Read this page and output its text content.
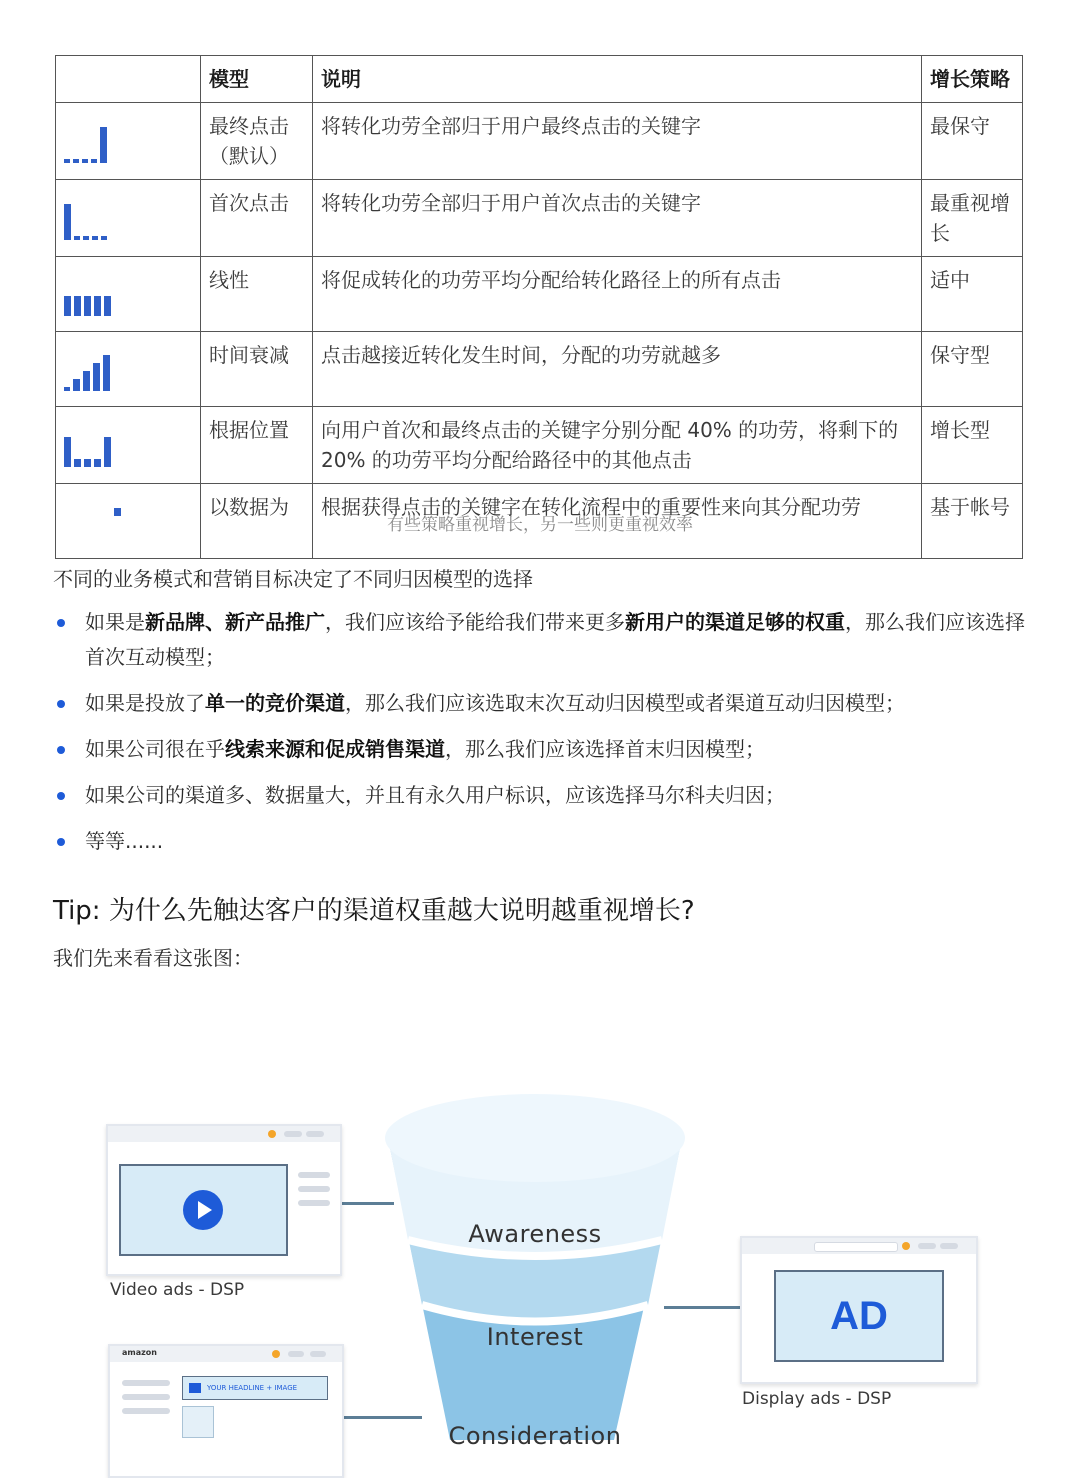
	模型	说明	增长策略

	最终点击（默认）	将转化功劳全部归于用户最终点击的关键字	最保守

	首次点击	将转化功劳全部归于用户首次点击的关键字	最重视增长

	线性	将促成转化的功劳平均分配给转化路径上的所有点击	适中

	时间衰减	点击越接近转化发生时间，分配的功劳就越多	保守型

	根据位置	向用户首次和最终点击的关键字分别分配 40% 的功劳，将剩下的 20% 的功劳平均分配给路径中的其他点击	增长型

	以数据为	根据获得点击的关键字在转化流程中的重要性来向其分配功劳	基于帐号
有些策略重视增长，另一些则更重视效率
不同的业务模式和营销目标决定了不同归因模型的选择
如果是新品牌、新产品推广，我们应该给予能给我们带来更多新用户的渠道足够的权重，那么我们应该选择首次互动模型；
如果是投放了单一的竞价渠道，那么我们应该选取末次互动归因模型或者渠道互动归因模型；
如果公司很在乎线索来源和促成销售渠道，那么我们应该选择首末归因模型；
如果公司的渠道多、数据量大，并且有永久用户标识，应该选择马尔科夫归因；
等等......
Tip: 为什么先触达客户的渠道权重越大说明越重视增长?
我们先来看看这张图：
Awareness
Interest
Consideration
Video ads - DSP
amazon
YOUR HEADLINE + IMAGE
AD
Display ads - DSP
